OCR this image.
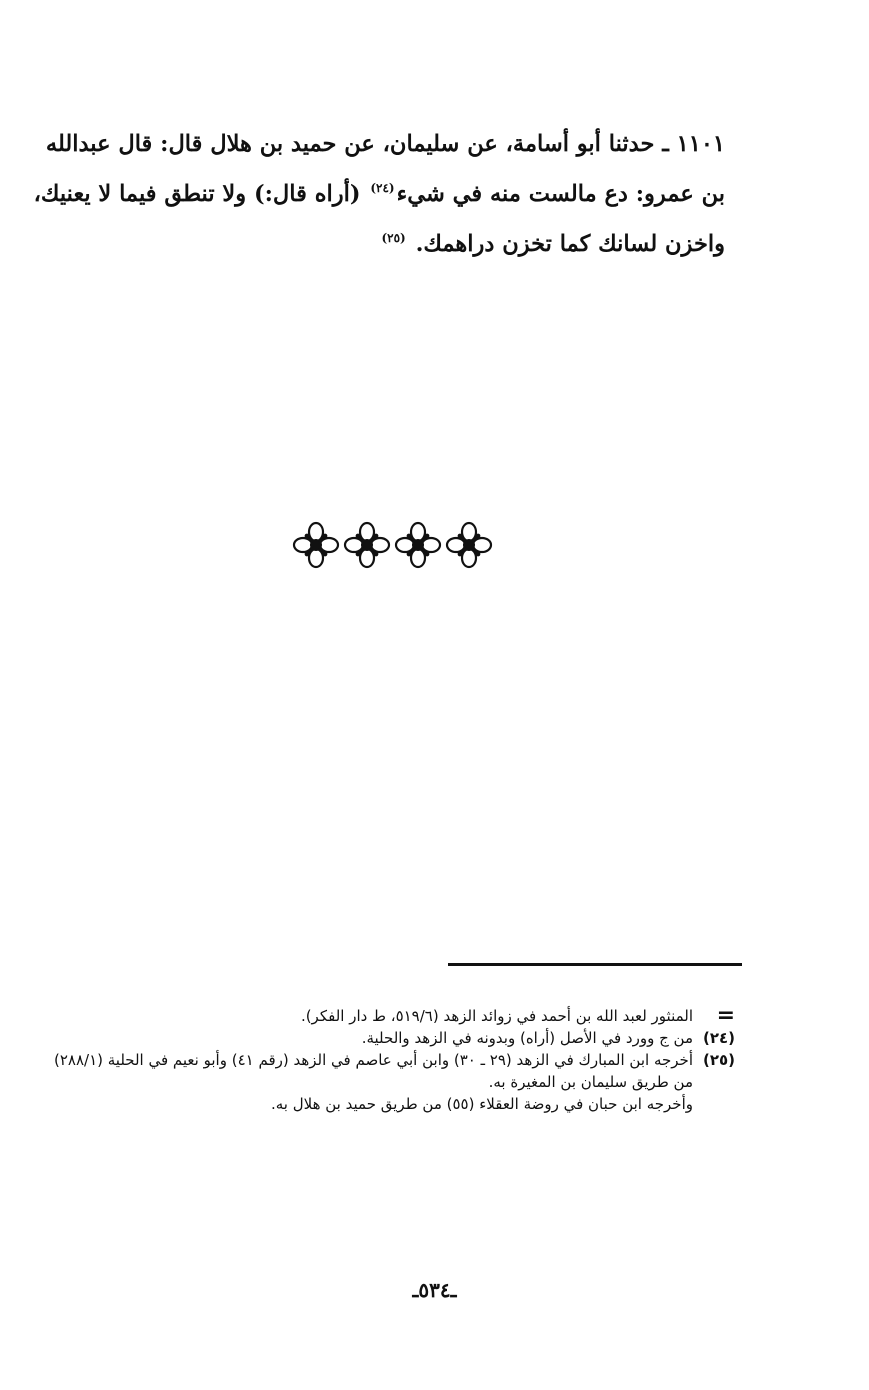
١١٠١ ـ حدثنا أبو أسامة، عن سليمان، عن حميد بن هلال قال: قال عبدالله
بن عمرو: دع مالست منه في شيء$^{(٢٤)}$ (أراه قال:) ولا تنطق فيما لا يعنيك،
واخزن لسانك كما تخزن دراهمك. $^{(٢٥)}$
=
المنثور لعبد الله بن أحمد في زوائد الزهد (٥١٩/٦، ط دار الفكر).
(٢٤)
من ج وورد في الأصل (أراه) وبدونه في الزهد والحلية.
(٢٥)
أخرجه ابن المبارك في الزهد (٢٩ ـ ٣٠) وابن أبي عاصم في الزهد (رقم ٤١) وأبو نعيم في الحلية (٢٨٨/١)
من طريق سليمان بن المغيرة به.
وأخرجه ابن حبان في روضة العقلاء (٥٥) من طريق حميد بن هلال به.
ـ٥٣٤ـ
